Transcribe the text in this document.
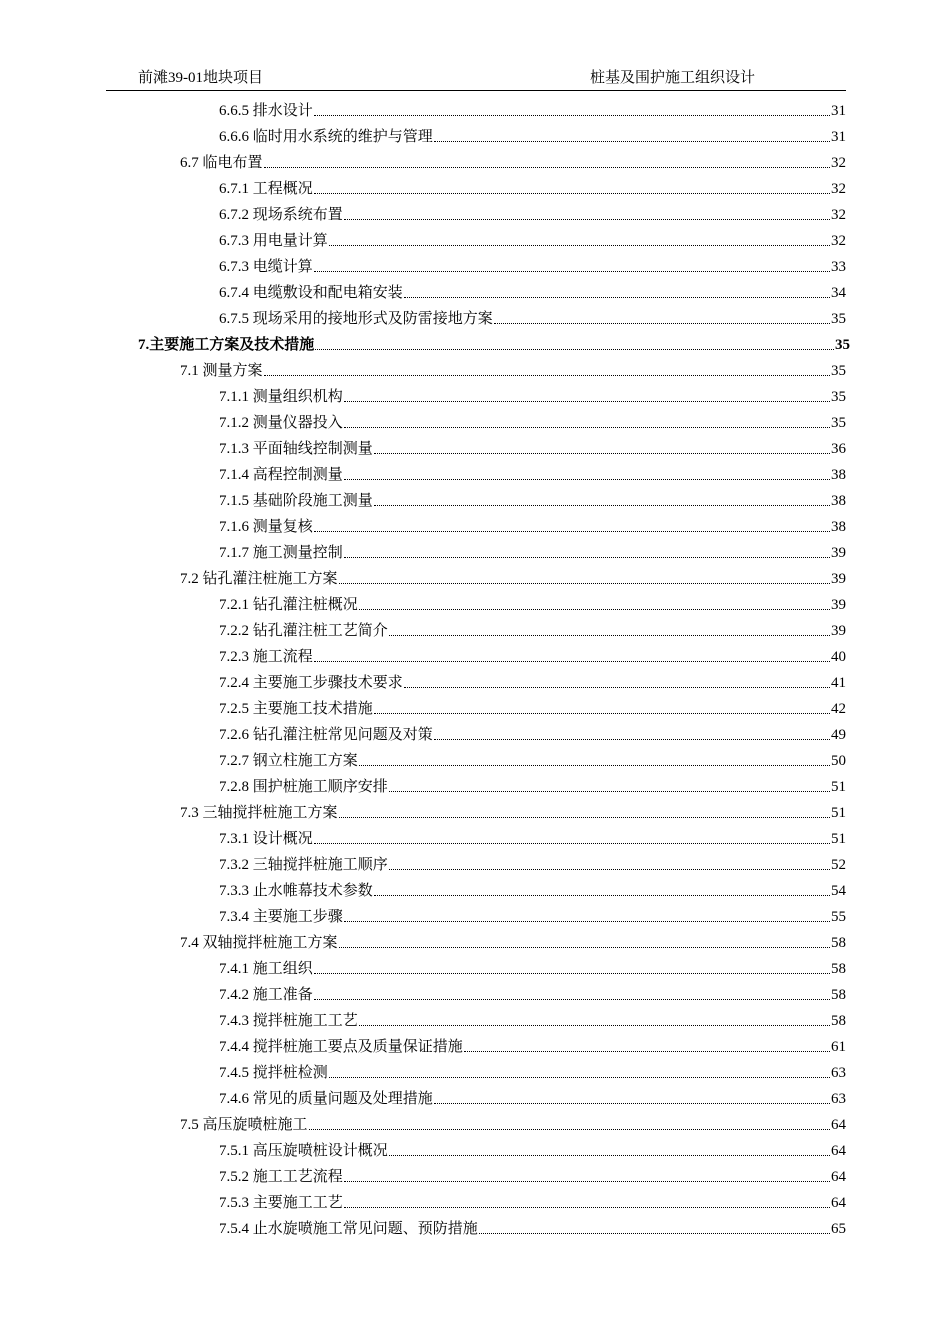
前滩39-01地块项目	桩基及围护施工组织设计
6.6.5 排水设计	31
6.6.6 临时用水系统的维护与管理	31
6.7 临电布置	32
6.7.1 工程概况	32
6.7.2 现场系统布置	32
6.7.3 用电量计算	32
6.7.3 电缆计算	33
6.7.4 电缆敷设和配电箱安装	34
6.7.5 现场采用的接地形式及防雷接地方案	35
7.主要施工方案及技术措施	35
7.1 测量方案	35
7.1.1 测量组织机构	35
7.1.2 测量仪器投入	35
7.1.3 平面轴线控制测量	36
7.1.4 高程控制测量	38
7.1.5 基础阶段施工测量	38
7.1.6 测量复核	38
7.1.7 施工测量控制	39
7.2 钻孔灌注桩施工方案	39
7.2.1 钻孔灌注桩概况	39
7.2.2 钻孔灌注桩工艺简介	39
7.2.3 施工流程	40
7.2.4 主要施工步骤技术要求	41
7.2.5 主要施工技术措施	42
7.2.6 钻孔灌注桩常见问题及对策	49
7.2.7 钢立柱施工方案	50
7.2.8 围护桩施工顺序安排	51
7.3 三轴搅拌桩施工方案	51
7.3.1 设计概况	51
7.3.2 三轴搅拌桩施工顺序	52
7.3.3 止水帷幕技术参数	54
7.3.4 主要施工步骤	55
7.4 双轴搅拌桩施工方案	58
7.4.1 施工组织	58
7.4.2 施工准备	58
7.4.3 搅拌桩施工工艺	58
7.4.4 搅拌桩施工要点及质量保证措施	61
7.4.5 搅拌桩检测	63
7.4.6 常见的质量问题及处理措施	63
7.5 高压旋喷桩施工	64
7.5.1 高压旋喷桩设计概况	64
7.5.2 施工工艺流程	64
7.5.3 主要施工工艺	64
7.5.4 止水旋喷施工常见问题、预防措施	65
